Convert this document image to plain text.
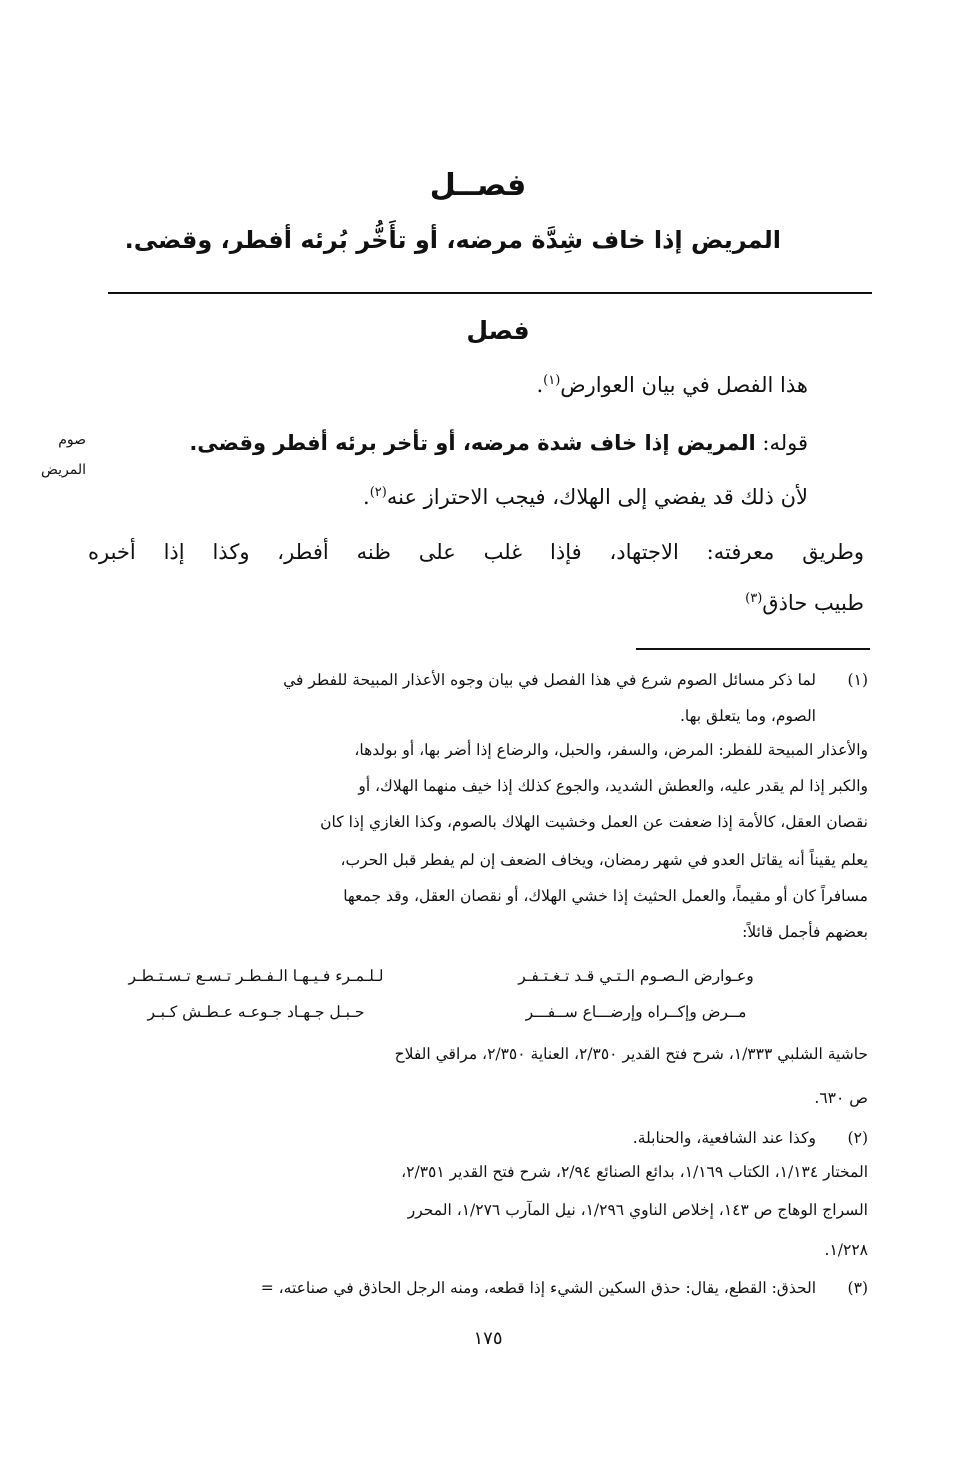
فصــل
المريض إذا خاف شِدَّة مرضه، أو تأَخُّر بُرئه أفطر، وقضى.
فصل
هذا الفصل في بيان العوارض$^{(١)}$.
قوله: المريض إذا خاف شدة مرضه، أو تأخر برئه أفطر وقضى.
لأن ذلك قد يفضي إلى الهلاك، فيجب الاحتراز عنه$^{(٢)}$.
وطريق معرفته: الاجتهاد، فإذا غلب على ظنه أفطر، وكذا إذا أخبره
طبيب حاذق$^{(٣)}$
صوم
المريض
(١)
لما ذكر مسائل الصوم شرع في هذا الفصل في بيان وجوه الأعذار المبيحة للفطر في
الصوم، وما يتعلق بها.
والأعذار المبيحة للفطر: المرض، والسفر، والحبل، والرضاع إذا أضر بها، أو بولدها،
والكبر إذا لم يقدر عليه، والعطش الشديد، والجوع كذلك إذا خيف منهما الهلاك، أو
نقصان العقل، كالأمة إذا ضعفت عن العمل وخشيت الهلاك بالصوم، وكذا الغازي إذا كان
يعلم يقيناً أنه يقاتل العدو في شهر رمضان، ويخاف الضعف إن لم يفطر قبل الحرب،
مسافراً كان أو مقيماً، والعمل الحثيث إذا خشي الهلاك، أو نقصان العقل، وقد جمعها
بعضهم فأجمل قائلاً:
وعـوارض الـصـوم الـتـي قـد تـغـتـفـر
لـلـمـرء فـيـهـا الـفـطـر تـسـع تـسـتـطـر
مــرض وإكــراه وإرضـــاع ســفـــر
حـبـل جـهـاد جـوعـه عـطـش كـبـر
حاشية الشلبي ١/٣٣٣، شرح فتح القدير ٢/٣٥٠، العناية ٢/٣٥٠، مراقي الفلاح
ص ٦٣٠.
(٢)
وكذا عند الشافعية، والحنابلة.
المختار ١/١٣٤، الكتاب ١/١٦٩، بدائع الصنائع ٢/٩٤، شرح فتح القدير ٢/٣٥١،
السراج الوهاج ص ١٤٣، إخلاص الناوي ١/٢٩٦، نيل المآرب ١/٢٧٦، المحرر
١/٢٢٨.
(٣)
الحذق: القطع، يقال: حذق السكين الشيء إذا قطعه، ومنه الرجل الحاذق في صناعته، =
١٧٥
